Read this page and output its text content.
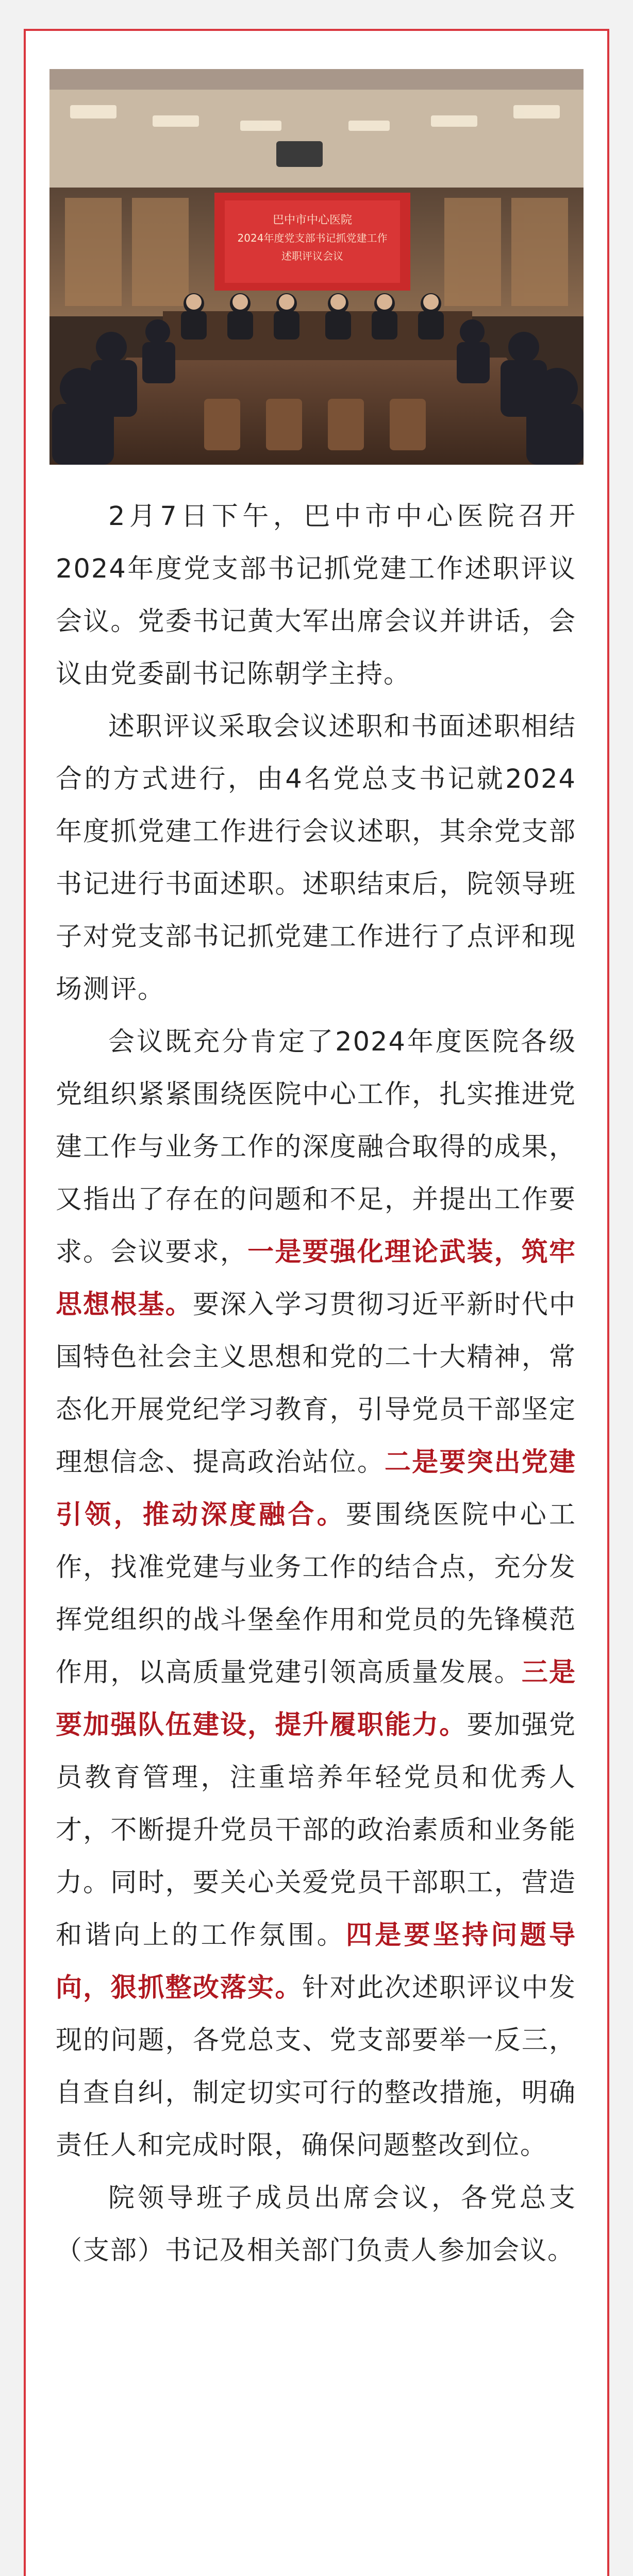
巴中市中心医院
2024年度党支部书记抓党建工作
述职评议会议

2月7日下午，巴中市中心医院召开2024年度党支部书记抓党建工作述职评议会议。党委书记黄大军出席会议并讲话，会议由党委副书记陈朝学主持。

述职评议采取会议述职和书面述职相结合的方式进行，由4名党总支书记就2024年度抓党建工作进行会议述职，其余党支部书记进行书面述职。述职结束后，院领导班子对党支部书记抓党建工作进行了点评和现场测评。

会议既充分肯定了2024年度医院各级党组织紧紧围绕医院中心工作，扎实推进党建工作与业务工作的深度融合取得的成果，又指出了存在的问题和不足，并提出工作要求。会议要求，一是要强化理论武装，筑牢思想根基。要深入学习贯彻习近平新时代中国特色社会主义思想和党的二十大精神，常态化开展党纪学习教育，引导党员干部坚定理想信念、提高政治站位。二是要突出党建引领，推动深度融合。要围绕医院中心工作，找准党建与业务工作的结合点，充分发挥党组织的战斗堡垒作用和党员的先锋模范作用，以高质量党建引领高质量发展。三是要加强队伍建设，提升履职能力。要加强党员教育管理，注重培养年轻党员和优秀人才，不断提升党员干部的政治素质和业务能力。同时，要关心关爱党员干部职工，营造和谐向上的工作氛围。四是要坚持问题导向，狠抓整改落实。针对此次述职评议中发现的问题，各党总支、党支部要举一反三，自查自纠，制定切实可行的整改措施，明确责任人和完成时限，确保问题整改到位。

院领导班子成员出席会议，各党总支（支部）书记及相关部门负责人参加会议。
